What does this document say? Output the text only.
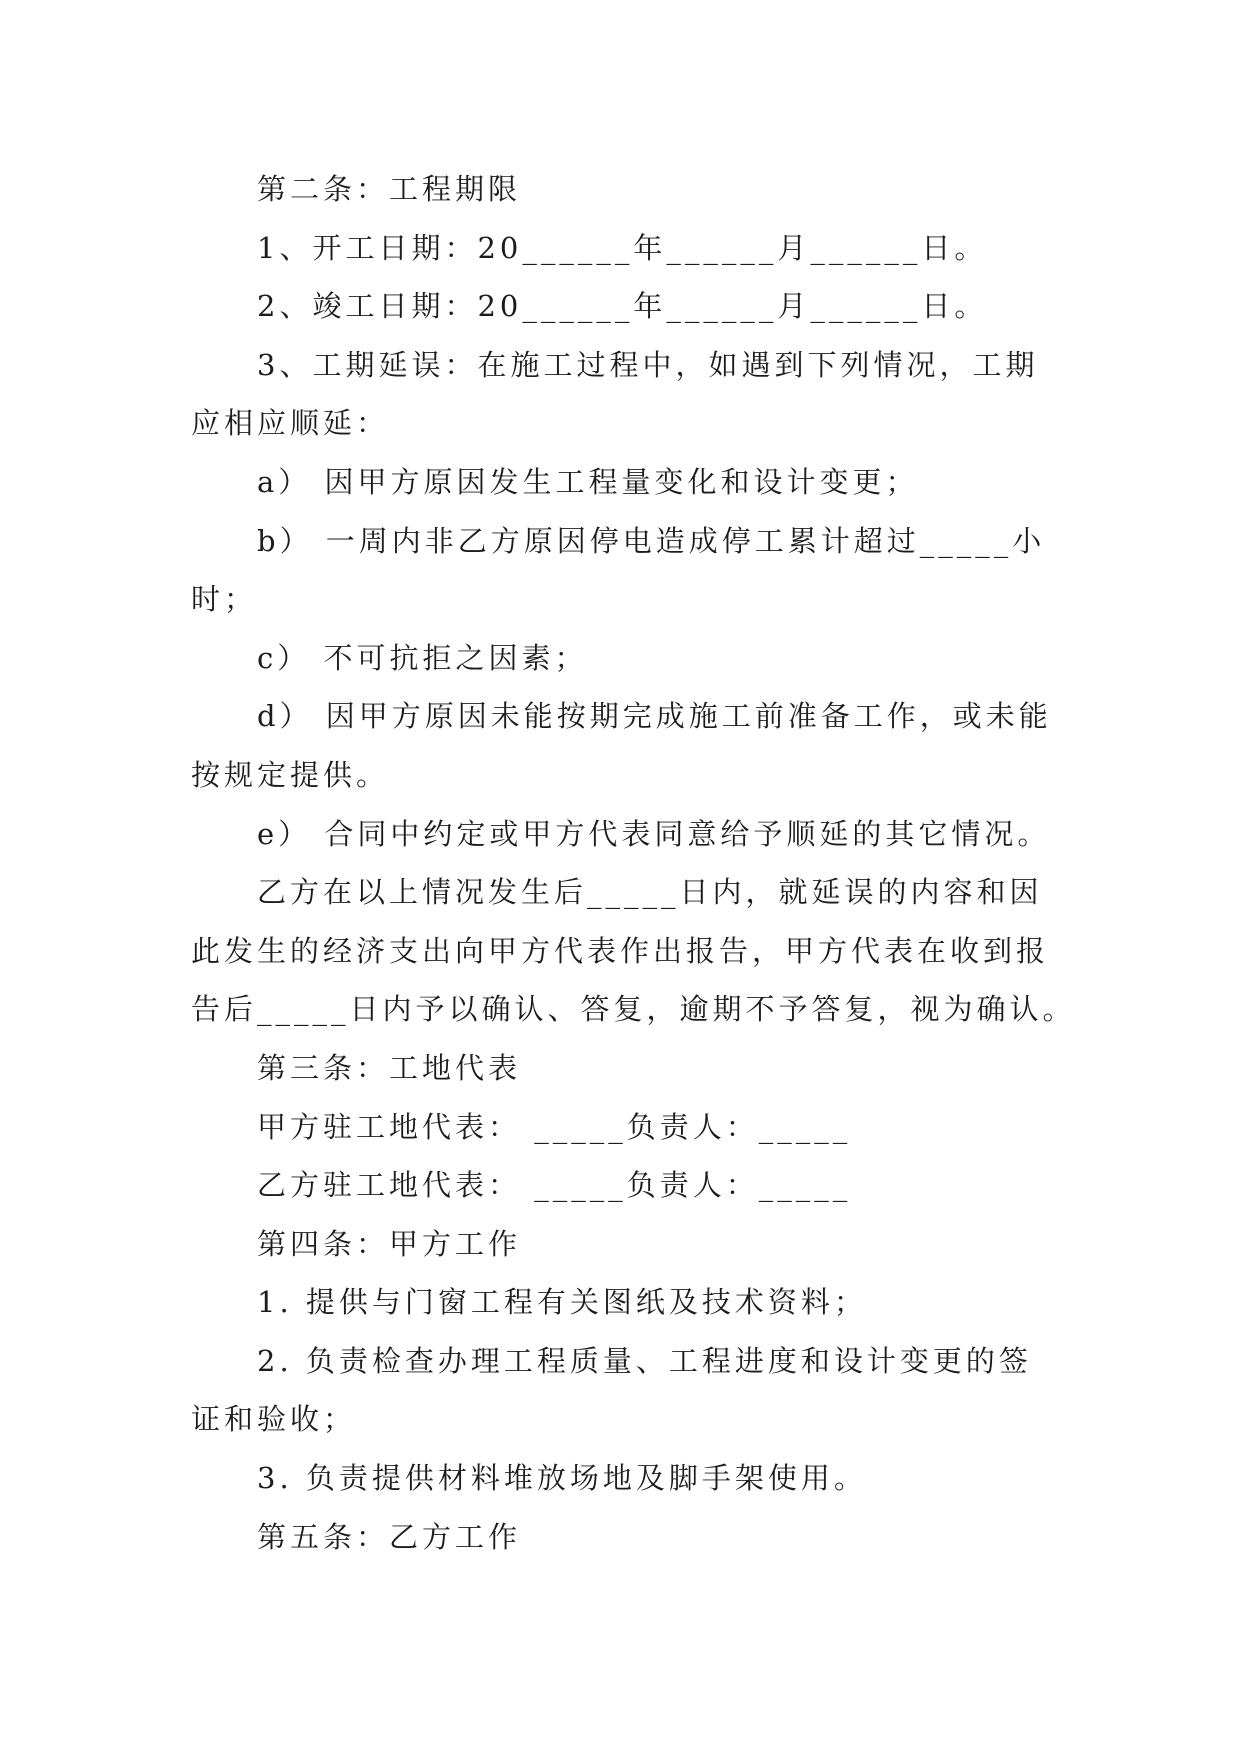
第二条：工程期限

1、开工日期：20______年______月______日。

2、竣工日期：20______年______月______日。

3、工期延误：在施工过程中，如遇到下列情况，工期

应相应顺延：

a） 因甲方原因发生工程量变化和设计变更；

b） 一周内非乙方原因停电造成停工累计超过_____小

时；

c） 不可抗拒之因素；

d） 因甲方原因未能按期完成施工前准备工作，或未能

按规定提供。

e） 合同中约定或甲方代表同意给予顺延的其它情况。

乙方在以上情况发生后_____日内，就延误的内容和因

此发生的经济支出向甲方代表作出报告，甲方代表在收到报

告后_____日内予以确认、答复，逾期不予答复，视为确认。

第三条：工地代表

甲方驻工地代表： _____负责人：_____

乙方驻工地代表： _____负责人：_____

第四条：甲方工作

1. 提供与门窗工程有关图纸及技术资料；

2. 负责检查办理工程质量、工程进度和设计变更的签

证和验收；

3. 负责提供材料堆放场地及脚手架使用。

第五条：乙方工作
